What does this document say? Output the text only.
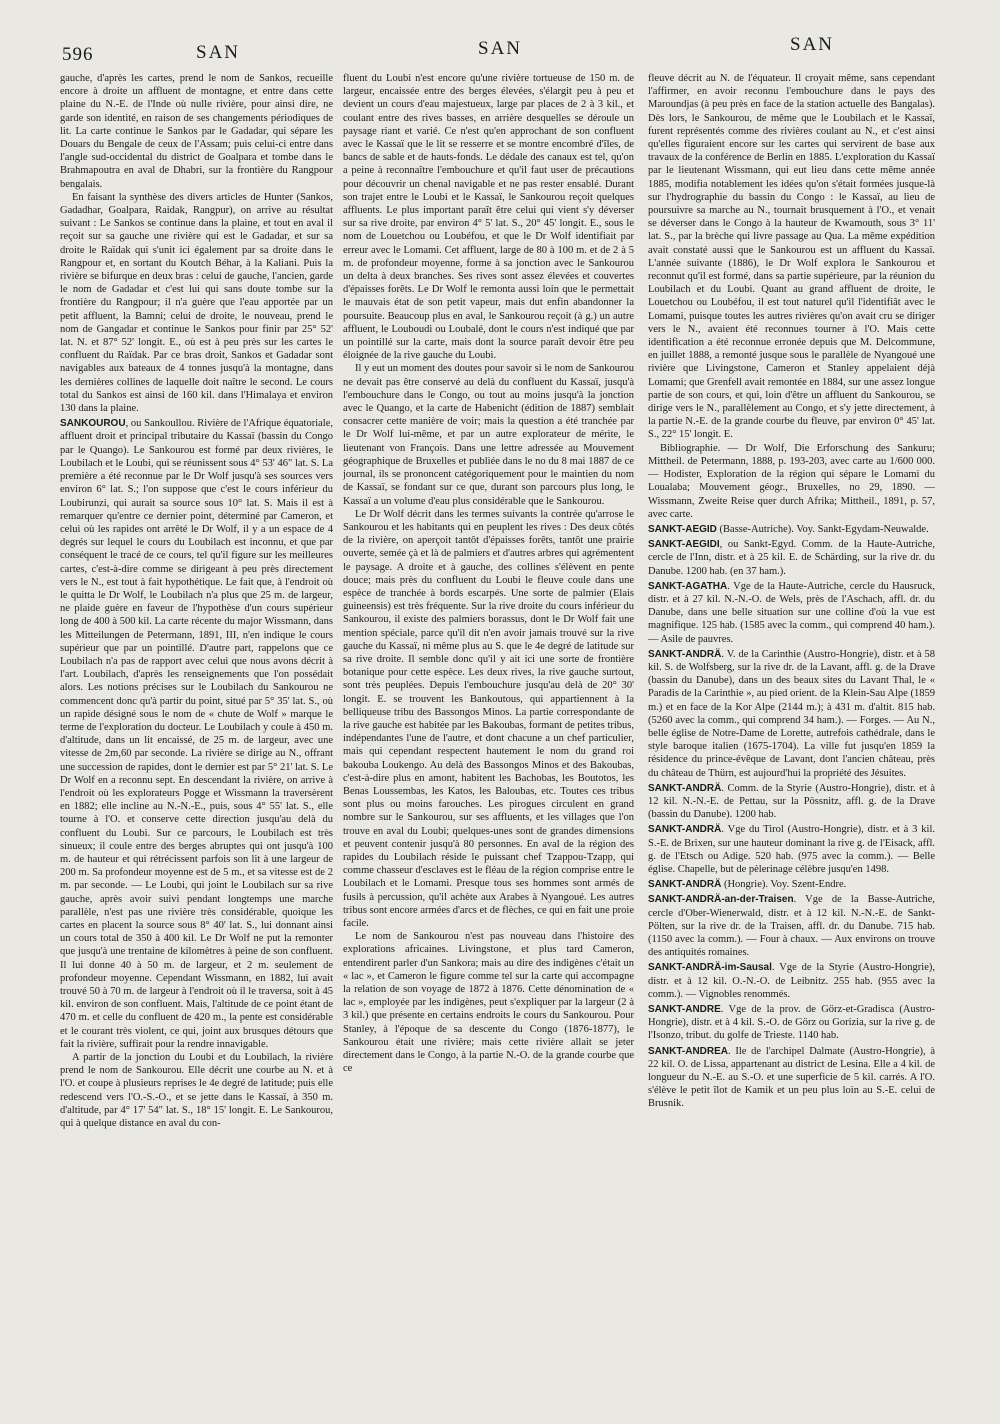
596	SAN	SAN	SAN

gauche, d'après les cartes, prend le nom de Sankos, recueille encore à droite un affluent de montagne, et entre dans cette plaine du N.-E. de l'Inde où nulle rivière, pour ainsi dire, ne garde son identité, en raison de ses changements périodiques de lit. La carte continue le Sankos par le Gadadar, qui sépare les Douars du Bengale de ceux de l'Assam; puis celui-ci entre dans l'angle sud-occidental du district de Goalpara et tombe dans le Brahmapoutra en aval de Dhabri, sur la frontière du Rangpour bengalais.

En faisant la synthèse des divers articles de Hunter (Sankos, Gadadhar, Goalpara, Raidak, Rangpur), on arrive au résultat suivant : Le Sankos se continue dans la plaine, et tout en aval il reçoit sur sa gauche une rivière qui est le Gadadar, et sur sa droite le Raïdak qui s'unit ici également par sa droite dans le Rangpour et, en sortant du Koutch Béhar, à la Kaliani. Puis la rivière se bifurque en deux bras : celui de gauche, l'ancien, garde le nom de Gadadar et c'est lui qui sans doute tombe sur la frontière du Rangpour; il n'a guère que l'eau apportée par un petit affluent, la Bamni; celui de droite, le nouveau, prend le nom de Gangadar et continue le Sankos pour finir par 25° 52' lat. N. et 87° 52' longit. E., où est à peu près sur les cartes le confluent du Raïdak. Par ce bras droit, Sankos et Gadadar sont navigables aux bateaux de 4 tonnes jusqu'à la montagne, dans les dernières collines de laquelle doit naître le second. Le cours total du Sankos est ainsi de 160 kil. dans l'Himalaya et environ 130 dans la plaine.

SANKOUROU, ou Sankoullou. Rivière de l'Afrique équatoriale, affluent droit et principal tributaire du Kassaï (bassin du Congo par le Quango). Le Sankourou est formé par deux rivières, le Loubilach et le Loubi, qui se réunissent sous 4° 53' 46" lat. S. La première a été reconnue par le Dr Wolf jusqu'à ses sources vers environ 6° lat. S.; l'on suppose que c'est le cours inférieur du Loubirunzi, qui aurait sa source sous 10° lat. S. Mais il est à remarquer qu'entre ce dernier point, déterminé par Cameron, et celui où les rapides ont arrêté le Dr Wolf, il y a un espace de 4 degrés sur lequel le cours du Loubilach est inconnu, et que par conséquent le tracé de ce cours, tel qu'il figure sur les meilleures cartes, c'est-à-dire comme se dirigeant à peu près directement vers le N., est tout à fait hypothétique. Le fait que, à l'endroit où le quitta le Dr Wolf, le Loubilach n'a plus que 25 m. de largeur, ne plaide guère en faveur de l'hypothèse d'un cours supérieur long de 400 à 500 kil. La carte récente du major Wissmann, dans les Mitteilungen de Petermann, 1891, III, n'en indique le cours supérieur que par un pointillé. D'autre part, rappelons que ce Loubilach n'a pas de rapport avec celui que nous avons décrit à l'art. Loubilach, d'après les renseignements que l'on possédait alors. Les notions précises sur le Loubilach du Sankourou ne commencent donc qu'à partir du point, situé par 5° 35' lat. S., où un rapide désigné sous le nom de « chute de Wolf » marque le terme de l'exploration du docteur. Le Loubilach y coule à 450 m. d'altitude, dans un lit encaissé, de 25 m. de largeur, avec une vitesse de 2m,60 par seconde. La rivière se dirige au N., offrant une succession de rapides, dont le dernier est par 5° 21' lat. S. Le Dr Wolf en a reconnu sept. En descendant la rivière, on arrive à l'endroit où les explorateurs Pogge et Wissmann la traversèrent en 1882; elle incline au N.-N.-E., puis, sous 4° 55' lat. S., elle tourne à l'O. et conserve cette direction jusqu'au delà du confluent du Loubi. Sur ce parcours, le Loubilach est très sinueux; il coule entre des berges abruptes qui ont jusqu'à 100 m. de hauteur et qui rétrécissent parfois son lit à une largeur de 200 m. Sa profondeur moyenne est de 5 m., et sa vitesse est de 2 m. par seconde. — Le Loubi, qui joint le Loubilach sur sa rive gauche, après avoir suivi pendant longtemps une marche parallèle, n'est pas une rivière très considérable, quoique les cartes en placent la source sous 8° 40' lat. S., lui donnant ainsi un cours total de 350 à 400 kil. Le Dr Wolf ne put la remonter que jusqu'à une trentaine de kilomètres à peine de son confluent. Il lui donne 40 à 50 m. de largeur, et 2 m. seulement de profondeur moyenne. Cependant Wissmann, en 1882, lui avait trouvé 50 à 70 m. de largeur à l'endroit où il le traversa, soit à 45 kil. environ de son confluent. Mais, l'altitude de ce point étant de 470 m. et celle du confluent de 420 m., la pente est considérable et le courant très violent, ce qui, joint aux brusques détours que fait la rivière, suffirait pour la rendre innavigable.

A partir de la jonction du Loubi et du Loubilach, la rivière prend le nom de Sankourou. Elle décrit une courbe au N. et à l'O. et coupe à plusieurs reprises le 4e degré de latitude; puis elle redescend vers l'O.-S.-O., et se jette dans le Kassaï, à 350 m. d'altitude, par 4° 17' 54" lat. S., 18° 15' longit. E. Le Sankourou, qui à quelque distance en aval du con-

fluent du Loubi n'est encore qu'une rivière tortueuse de 150 m. de largeur, encaissée entre des berges élevées, s'élargit peu à peu et devient un cours d'eau majestueux, large par places de 2 à 3 kil., et coulant entre des rives basses, en arrière desquelles se déroule un paysage riant et varié. Ce n'est qu'en approchant de son confluent avec le Kassaï que le lit se resserre et se montre encombré d'îles, de bancs de sable et de hauts-fonds. Le dédale des canaux est tel, qu'on a peine à reconnaître l'embouchure et qu'il faut user de précautions pour découvrir un chenal navigable et ne pas rester ensablé. Durant son trajet entre le Loubi et le Kassaï, le Sankourou reçoit quelques affluents. Le plus important paraît être celui qui vient s'y déverser sur sa rive droite, par environ 4° 5' lat. S., 20° 45' longit. E., sous le nom de Louetchou ou Loubéfou, et que le Dr Wolf identifiait par erreur avec le Lomami. Cet affluent, large de 80 à 100 m. et de 2 à 5 m. de profondeur moyenne, forme à sa jonction avec le Sankourou un delta à deux branches. Ses rives sont assez élevées et couvertes d'épaisses forêts. Le Dr Wolf le remonta aussi loin que le permettait le mauvais état de son petit vapeur, mais dut enfin abandonner la poursuite. Beaucoup plus en aval, le Sankourou reçoit (à g.) un autre affluent, le Louboudi ou Loubalé, dont le cours n'est indiqué que par un pointillé sur la carte, mais dont la source paraît devoir être peu éloignée de la rive gauche du Loubi.

Il y eut un moment des doutes pour savoir si le nom de Sankourou ne devait pas être conservé au delà du confluent du Kassaï, jusqu'à l'embouchure dans le Congo, ou tout au moins jusqu'à la jonction avec le Quango, et la carte de Habenicht (édition de 1887) semblait consacrer cette manière de voir; mais la question a été tranchée par le Dr Wolf lui-même, et par un autre explorateur de mérite, le lieutenant von François. Dans une lettre adressée au Mouvement géographique de Bruxelles et publiée dans le no du 8 mai 1887 de ce journal, ils se prononcent catégoriquement pour le maintien du nom de Kassaï, se fondant sur ce que, durant son parcours plus long, le Kassaï a un volume d'eau plus considérable que le Sankourou.

Le Dr Wolf décrit dans les termes suivants la contrée qu'arrose le Sankourou et les habitants qui en peuplent les rives : Des deux côtés de la rivière, on aperçoit tantôt d'épaisses forêts, tantôt une prairie ouverte, semée çà et là de palmiers et d'autres arbres qui agrémentent le paysage. A droite et à gauche, des collines s'élèvent en pente douce; mais près du confluent du Loubi le fleuve coule dans une espèce de tranchée à bords escarpés. Une sorte de palmier (Elais guineensis) est très fréquente. Sur la rive droite du cours inférieur du Sankourou, il existe des palmiers borassus, dont le Dr Wolf fait une mention spéciale, parce qu'il dit n'en avoir jamais trouvé sur la rive gauche du Kassaï, ni même plus au S. que le 4e degré de latitude sur sa rive droite. Il semble donc qu'il y ait ici une sorte de frontière botanique pour cette espèce. Les deux rives, la rive gauche surtout, sont très peuplées. Depuis l'embouchure jusqu'au delà de 20° 30' longit. E. se trouvent les Bankoutous, qui appartiennent à la belliqueuse tribu des Bassongos Minos. La partie correspondante de la rive gauche est habitée par les Bakoubas, formant de petites tribus, indépendantes l'une de l'autre, et dont chacune a un chef particulier, mais qui cependant respectent hautement le nom du grand roi bakouba Loukengo. Au delà des Bassongos Minos et des Bakoubas, c'est-à-dire plus en amont, habitent les Bachobas, les Boutotos, les Benas Loussembas, les Katos, les Baloubas, etc. Toutes ces tribus sont plus ou moins farouches. Les pirogues circulent en grand nombre sur le Sankourou, sur ses affluents, et les villages que l'on trouve en aval du Loubi; quelques-unes sont de grandes dimensions et peuvent contenir jusqu'à 80 personnes. En aval de la région des rapides du Loubilach réside le puissant chef Tzappou-Tzapp, qui comme chasseur d'esclaves est le fléau de la région comprise entre le Loubilach et le Lomami. Presque tous ses hommes sont armés de fusils à percussion, qu'il achète aux Arabes à Nyangoué. Les autres tribus sont encore armées d'arcs et de flèches, ce qui en fait une proie facile.

Le nom de Sankourou n'est pas nouveau dans l'histoire des explorations africaines. Livingstone, et plus tard Cameron, entendirent parler d'un Sankora; mais au dire des indigènes c'était un « lac », et Cameron le figure comme tel sur la carte qui accompagne la relation de son voyage de 1872 à 1876. Cette dénomination de « lac », employée par les indigènes, peut s'expliquer par la largeur (2 à 3 kil.) que présente en certains endroits le cours du Sankourou. Pour Stanley, à l'époque de sa descente du Congo (1876-1877), le Sankourou était une rivière; mais cette rivière allait se jeter directement dans le Congo, à la partie N.-O. de la grande courbe que ce

fleuve décrit au N. de l'équateur. Il croyait même, sans cependant l'affirmer, en avoir reconnu l'embouchure dans le pays des Maroundjas (à peu près en face de la station actuelle des Bangalas). Dès lors, le Sankourou, de même que le Loubilach et le Kassaï, furent représentés comme des rivières coulant au N., et c'est ainsi qu'elles figuraient encore sur les cartes qui servirent de base aux travaux de la conférence de Berlin en 1885. L'exploration du Kassaï par le lieutenant Wissmann, qui eut lieu dans cette même année 1885, modifia notablement les idées qu'on s'était formées jusque-là sur l'hydrographie du bassin du Congo : le Kassaï, au lieu de poursuivre sa marche au N., tournait brusquement à l'O., et venait se déverser dans le Congo à la hauteur de Kwamouth, sous 3° 11' lat. S., par la brèche qui livre passage au Qua. La même expédition avait constaté aussi que le Sankourou est un affluent du Kassaï. L'année suivante (1886), le Dr Wolf explora le Sankourou et reconnut qu'il est formé, dans sa partie supérieure, par la réunion du Loubilach et du Loubi. Quant au grand affluent de droite, le Louetchou ou Loubéfou, il est tout naturel qu'il l'identifiât avec le Lomami, puisque toutes les autres rivières qu'on avait cru se diriger vers le N., avaient été reconnues tourner à l'O. Mais cette identification a été reconnue erronée depuis que M. Delcommune, en juillet 1888, a remonté jusque sous le parallèle de Nyangoué une rivière que Livingstone, Cameron et Stanley appelaient déjà Lomami; que Grenfell avait remontée en 1884, sur une assez longue partie de son cours, et qui, loin d'être un affluent du Sankourou, se dirige vers le N., parallèlement au Congo, et s'y jette directement, à la partie N.-E. de la grande courbe du fleuve, par environ 0° 45' lat. S., 22° 15' longit. E.

Bibliographie. — Dr Wolf, Die Erforschung des Sankuru; Mittheil. de Petermann, 1888, p. 193-203, avec carte au 1/600 000. — Hodister, Exploration de la région qui sépare le Lomami du Loualaba; Mouvement géogr., Bruxelles, no 29, 1890. — Wissmann, Zweite Reise quer durch Afrika; Mittheil., 1891, p. 57, avec carte.

SANKT-AEGID (Basse-Autriche). Voy. Sankt-Egydam-Neuwalde.

SANKT-AEGIDI, ou Sankt-Egyd. Comm. de la Haute-Autriche, cercle de l'Inn, distr. et à 25 kil. E. de Schärding, sur la rive dr. du Danube. 1200 hab. (en 37 ham.).

SANKT-AGATHA. Vge de la Haute-Autriche, cercle du Hausruck, distr. et à 27 kil. N.-N.-O. de Wels, près de l'Aschach, affl. dr. du Danube, dans une belle situation sur une colline d'où la vue est magnifique. 125 hab. (1585 avec la comm., qui comprend 40 ham.). — Asile de pauvres.

SANKT-ANDRÄ. V. de la Carinthie (Austro-Hongrie), distr. et à 58 kil. S. de Wolfsberg, sur la rive dr. de la Lavant, affl. g. de la Drave (bassin du Danube), dans un des beaux sites du Lavant Thal, le « Paradis de la Carinthie », au pied orient. de la Klein-Sau Alpe (1859 m.) et en face de la Kor Alpe (2144 m.); à 431 m. d'altit. 815 hab. (5260 avec la comm., qui comprend 34 ham.). — Forges. — Au N., belle église de Notre-Dame de Lorette, autrefois cathédrale, dans le style baroque italien (1675-1704). La ville fut jusqu'en 1859 la résidence du prince-évêque de Lavant, dont l'ancien château, près du château de Thürn, est aujourd'hui la propriété des Jésuites.

SANKT-ANDRÄ. Comm. de la Styrie (Austro-Hongrie), distr. et à 12 kil. N.-N.-E. de Pettau, sur la Pössnitz, affl. g. de la Drave (bassin du Danube). 1200 hab.

SANKT-ANDRÄ. Vge du Tirol (Austro-Hongrie), distr. et à 3 kil. S.-E. de Brixen, sur une hauteur dominant la rive g. de l'Eisack, affl. g. de l'Etsch ou Adige. 520 hab. (975 avec la comm.). — Belle église. Chapelle, but de pèlerinage célèbre jusqu'en 1498.

SANKT-ANDRÄ (Hongrie). Voy. Szent-Endre.

SANKT-ANDRÄ-an-der-Traisen. Vge de la Basse-Autriche, cercle d'Ober-Wienerwald, distr. et à 12 kil. N.-N.-E. de Sankt-Pölten, sur la rive dr. de la Traisen, affl. dr. du Danube. 715 hab. (1150 avec la comm.). — Four à chaux. — Aux environs on trouve des antiquités romaines.

SANKT-ANDRÄ-im-Sausal. Vge de la Styrie (Austro-Hongrie), distr. et à 12 kil. O.-N.-O. de Leibnitz. 255 hab. (955 avec la comm.). — Vignobles renommés.

SANKT-ANDRE. Vge de la prov. de Görz-et-Gradisca (Austro-Hongrie), distr. et à 4 kil. S.-O. de Görz ou Gorizia, sur la rive g. de l'Isonzo, tribut. du golfe de Trieste. 1140 hab.

SANKT-ANDREA. Ile de l'archipel Dalmate (Austro-Hongrie), à 22 kil. O. de Lissa, appartenant au district de Lesina. Elle a 4 kil. de longueur du N.-E. au S.-O. et une superficie de 5 kil. carrés. A l'O. s'élève le petit îlot de Kamik et un peu plus loin au S.-E. celui de Brusnik.
